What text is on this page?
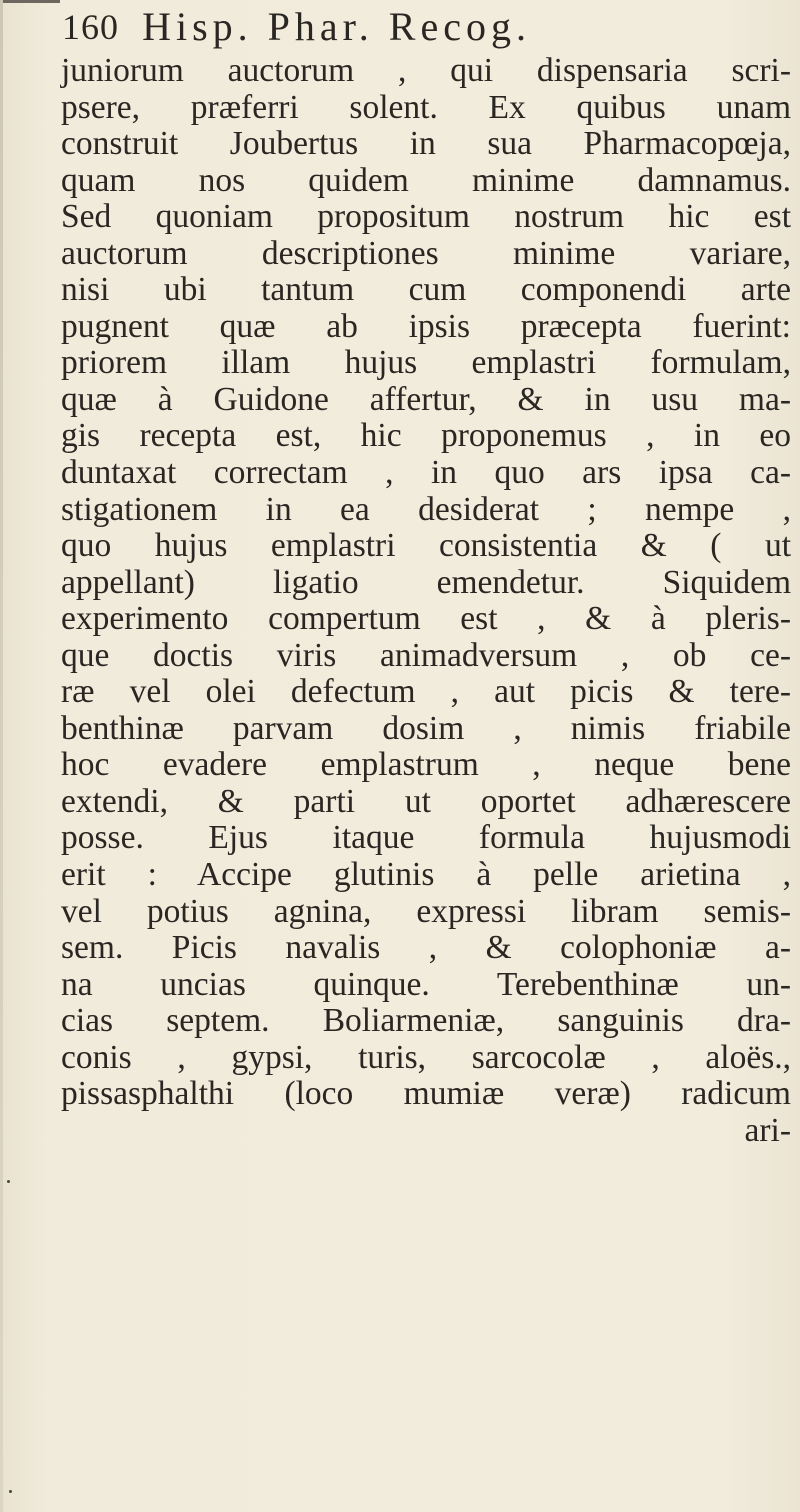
160 Hisp. Phar. Recog.
juniorum auctorum , qui dispensaria scri-
psere, præferri solent. Ex quibus unam
construit Joubertus in sua Pharmacopœja,
quam nos quidem minime damnamus.
Sed quoniam propositum nostrum hic est
auctorum descriptiones minime variare,
nisi ubi tantum cum componendi arte
pugnent quæ ab ipsis præcepta fuerint:
priorem illam hujus emplastri formulam,
quæ à Guidone affertur, & in usu ma-
gis recepta est, hic proponemus , in eo
duntaxat correctam , in quo ars ipsa ca-
stigationem in ea desiderat ; nempe ,
quo hujus emplastri consistentia & ( ut
appellant) ligatio emendetur. Siquidem
experimento compertum est , & à pleris-
que doctis viris animadversum , ob ce-
ræ vel olei defectum , aut picis & tere-
benthinæ parvam dosim , nimis friabile
hoc evadere emplastrum , neque bene
extendi, & parti ut oportet adhærescere
posse. Ejus itaque formula hujusmodi
erit : Accipe glutinis à pelle arietina ,
vel potius agnina, expressi libram semis-
sem. Picis navalis , & colophoniæ a-
na uncias quinque. Terebenthinæ un-
cias septem. Boliarmeniæ, sanguinis dra-
conis , gypsi, turis, sarcocolæ , aloës.,
pissasphalthi (loco mumiæ veræ) radicum
ari-
